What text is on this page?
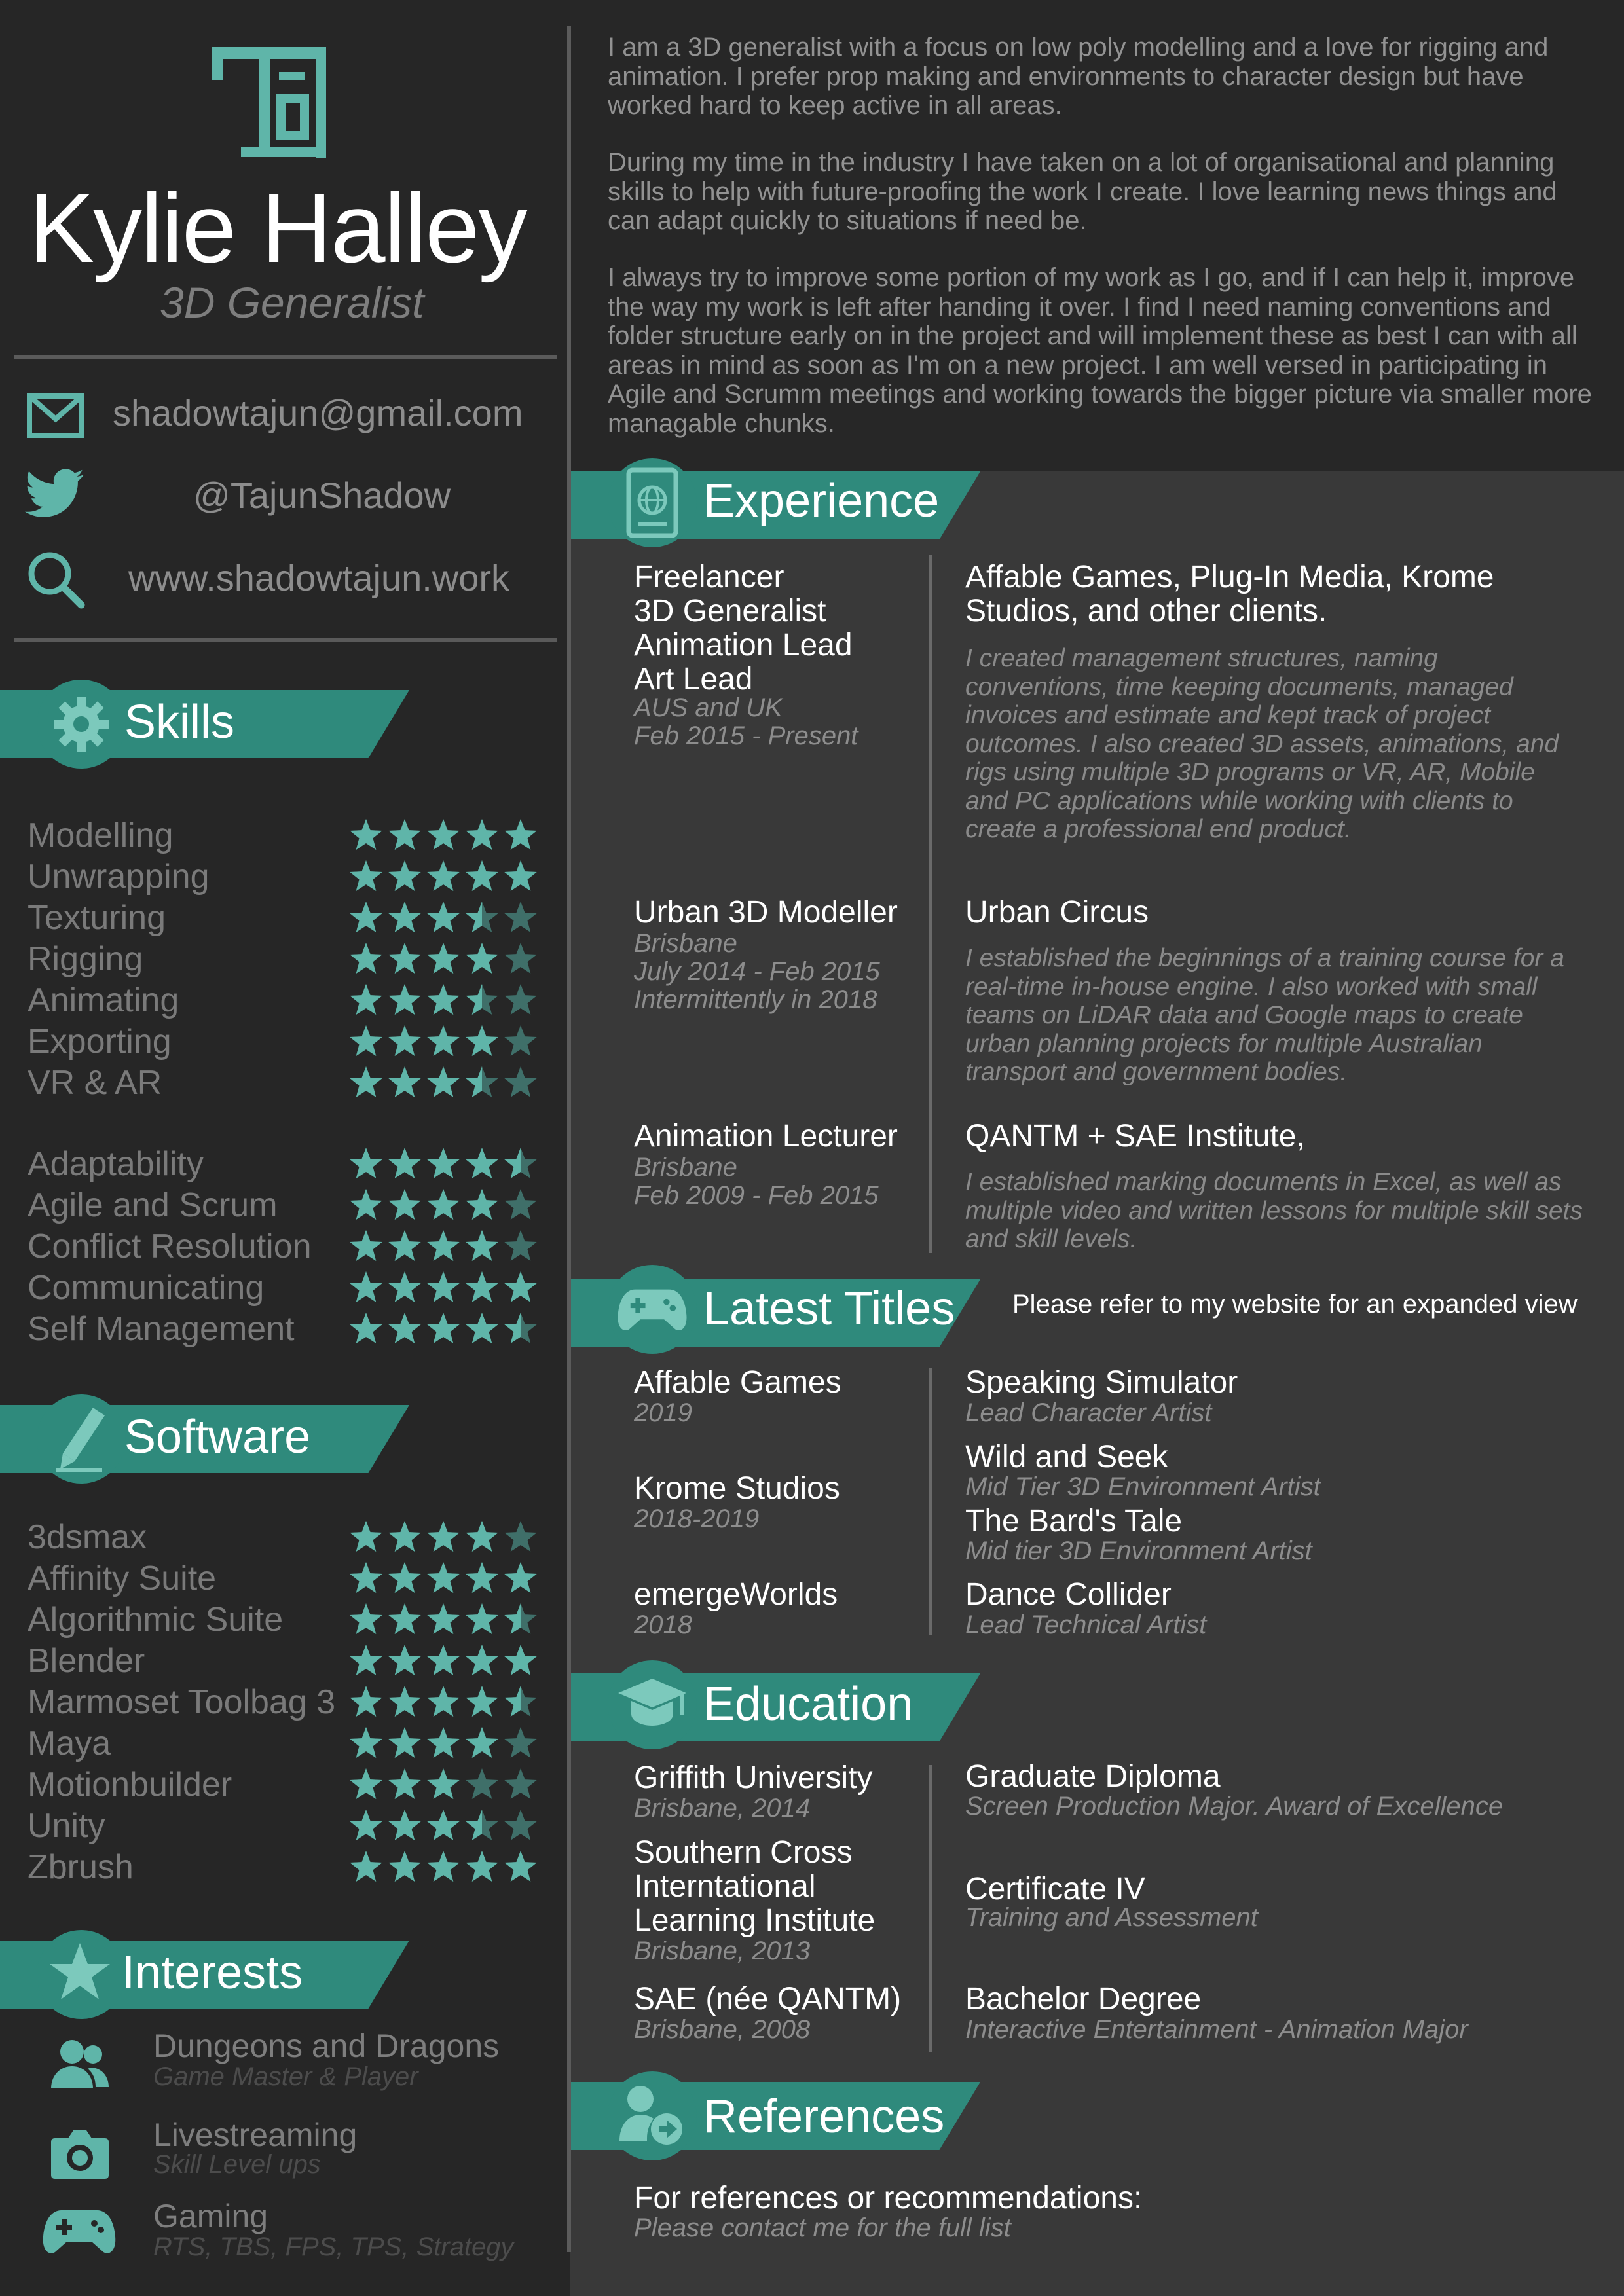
Kylie Halley
3D Generalist
shadowtajun@gmail.com
@TajunShadow
www.shadowtajun.work
Skills
Modelling
Unwrapping
Texturing
Rigging
Animating
Exporting
VR & AR
Adaptability
Agile and Scrum
Conflict Resolution
Communicating
Self Management
Software
3dsmax
Affinity Suite
Algorithmic Suite
Blender
Marmoset Toolbag 3
Maya
Motionbuilder
Unity
Zbrush
Interests
Dungeons and Dragons
Game Master & Player
Livestreaming
Skill Level ups
Gaming
RTS, TBS, FPS, TPS, Strategy
I am a 3D generalist with a focus on low poly modelling and a love for rigging and animation. I prefer prop making and environments to character design but have worked hard to keep active in all areas.
During my time in the industry I have taken on a lot of organisational and planning skills to help with future-proofing the work I create. I love learning news things and can adapt quickly to situations if need be.
I always try to improve some portion of my work as I go, and if I can help it, improve the way my work is left after handing it over. I find I need naming conventions and folder structure early on in the project and will implement these as best I can with all areas in mind as soon as I'm on a new project. I am well versed in participating in Agile and Scrumm meetings and working towards the bigger picture via smaller more managable chunks.
Experience
Freelancer
3D Generalist
Animation Lead
Art Lead
AUS and UK
Feb 2015 - Present
Affable Games, Plug-In Media, Krome Studios, and other clients.
I created management structures, naming conventions, time keeping documents, managed invoices and estimate and kept track of project outcomes. I also created 3D assets, animations, and rigs using multiple 3D programs or VR, AR, Mobile and PC applications while working with clients to create a professional end product.
Urban 3D Modeller
Brisbane
July 2014 - Feb 2015
Intermittently in 2018
Urban Circus
I established the beginnings of a training course for a real-time in-house engine. I also worked with small teams on LiDAR data and Google maps to create urban planning projects for multiple Australian transport and government bodies.
Animation Lecturer
Brisbane
Feb 2009 - Feb 2015
QANTM + SAE Institute,
I established marking documents in Excel, as well as multiple video and written lessons for multiple skill sets and skill levels.
Latest Titles Please refer to my website for an expanded view
Affable Games
2019
Krome Studios
2018-2019
emergeWorlds
2018
Speaking Simulator
Lead Character Artist
Wild and Seek
Mid Tier 3D Environment Artist
The Bard's Tale
Mid tier 3D Environment Artist
Dance Collider
Lead Technical Artist
Education
Griffith University
Brisbane, 2014
Southern Cross
Interntational
Learning Institute
Brisbane, 2013
SAE (née QANTM)
Brisbane, 2008
Graduate Diploma
Screen Production Major. Award of Excellence
Certificate IV
Training and Assessment
Bachelor Degree
Interactive Entertainment - Animation Major
References
For references or recommendations:
Please contact me for the full list
